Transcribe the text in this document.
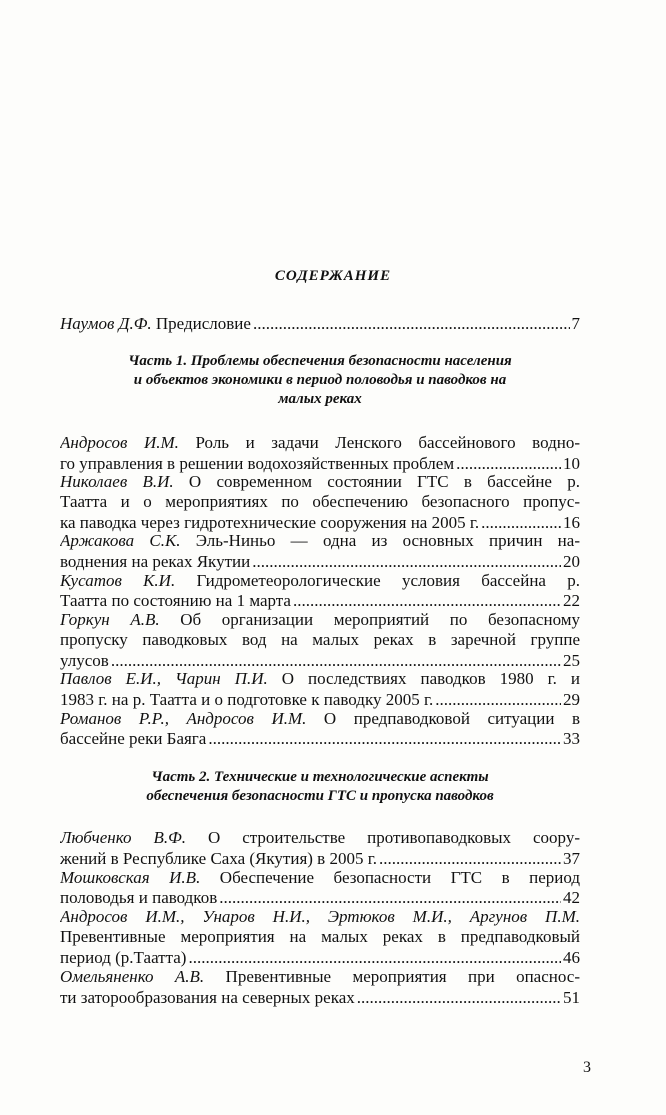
СОДЕРЖАНИЕ
Наумов Д.Ф. Предисловие .....	7
Часть 1. Проблемы обеспечения безопасности населения
и объектов экономики в период половодья и паводков на
малых реках
Андросов И.М. Роль и задачи Ленского бассейнового водно-
го управления в решении водохозяйственных проблем .....	10
Николаев В.И. О современном состоянии ГТС в бассейне р.
Таатта и о мероприятиях по обеспечению безопасного пропус-
ка паводка через гидротехнические сооружения на 2005 г. .....	16
Аржакова С.К. Эль-Ниньо — одна из основных причин на-
воднения на реках Якутии .....	20
Кусатов К.И. Гидрометеорологические условия бассейна р.
Таатта по состоянию на 1 марта .....	22
Горкун А.В. Об организации мероприятий по безопасному
пропуску паводковых вод на малых реках в заречной группе
улусов .....	25
Павлов Е.И., Чарин П.И. О последствиях паводков 1980 г. и
1983 г. на р. Таатта и о подготовке к паводку 2005 г. .....	29
Романов Р.Р., Андросов И.М. О предпаводковой ситуации в
бассейне реки Баяга .....	33
Часть 2. Технические и технологические аспекты
обеспечения безопасности ГТС и пропуска паводков
Любченко В.Ф. О строительстве противопаводковых соору-
жений в Республике Саха (Якутия) в 2005 г. .....	37
Мошковская И.В. Обеспечение безопасности ГТС в период
половодья и паводков .....	42
Андросов И.М., Унаров Н.И., Эртюков М.И., Аргунов П.М.
Превентивные мероприятия на малых реках в предпаводковый
период (р.Таатта) .....	46
Омельяненко А.В. Превентивные мероприятия при опаснос-
ти заторообразования на северных реках .....	51
3
